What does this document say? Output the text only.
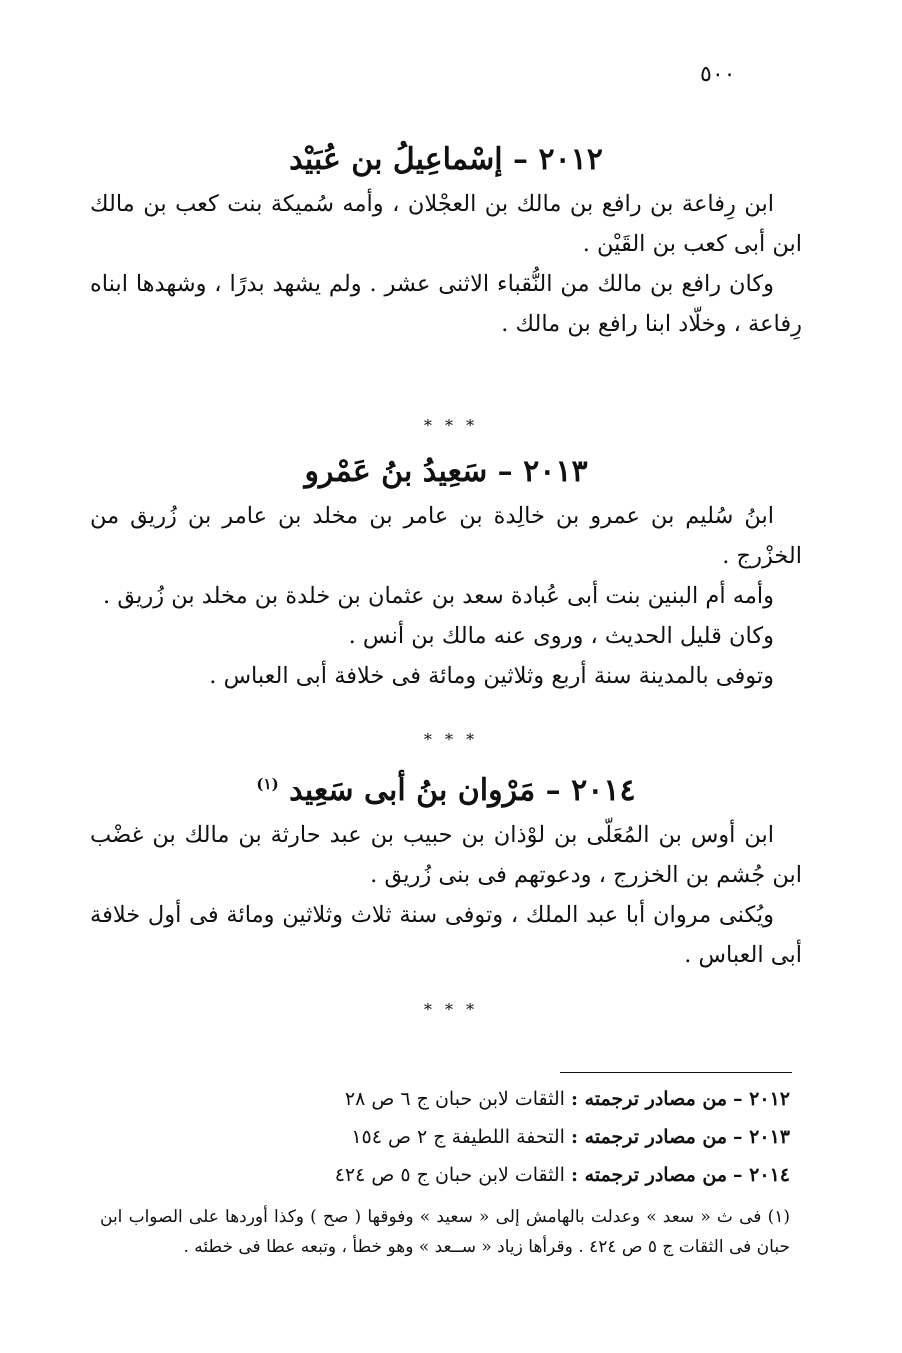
٥٠٠
٢٠١٢ – إسْماعِيلُ بن عُبَيْد

ابن رِفاعة بن رافع بن مالك بن العجْلان ، وأمه سُميكة بنت كعب بن مالك ابن أبى كعب بن القَيْن .

وكان رافع بن مالك من النُّقباء الاثنى عشر . ولم يشهد بدرًا ، وشهدها ابناه رِفاعة ، وخلّاد ابنا رافع بن مالك .

* * *
٢٠١٣ – سَعِيدُ بنُ عَمْرو

ابنُ سُليم بن عمرو بن خالِدة بن عامر بن مخلد بن عامر بن زُريق من الخزْرج .

وأمه أم البنين بنت أبى عُبادة سعد بن عثمان بن خلدة بن مخلد بن زُريق .

وكان قليل الحديث ، وروى عنه مالك بن أنس .

وتوفى بالمدينة سنة أربع وثلاثين ومائة فى خلافة أبى العباس .

* * *
٢٠١٤ – مَرْوان بنُ أبى سَعِيد $^{(١)}$

ابن أوس بن المُعَلّى بن لوْذان بن حبيب بن عبد حارثة بن مالك بن غضْب ابن جُشم بن الخزرج ، ودعوتهم فى بنى زُريق .

ويُكنى مروان أبا عبد الملك ، وتوفى سنة ثلاث وثلاثين ومائة فى أول خلافة أبى العباس .

* * *

٢٠١٢ – من مصادر ترجمته : الثقات لابن حبان ج ٦ ص ٢٨

٢٠١٣ – من مصادر ترجمته : التحفة اللطيفة ج ٢ ص ١٥٤

٢٠١٤ – من مصادر ترجمته : الثقات لابن حبان ج ٥ ص ٤٢٤

(١) فى ث « سعد » وعدلت بالهامش إلى « سعيد » وفوقها ( صح ) وكذا أوردها على الصواب ابن حبان فى الثقات ج ٥ ص ٤٢٤ . وقرأها زياد « ســعد » وهو خطأ ، وتبعه عطا فى خطئه .
